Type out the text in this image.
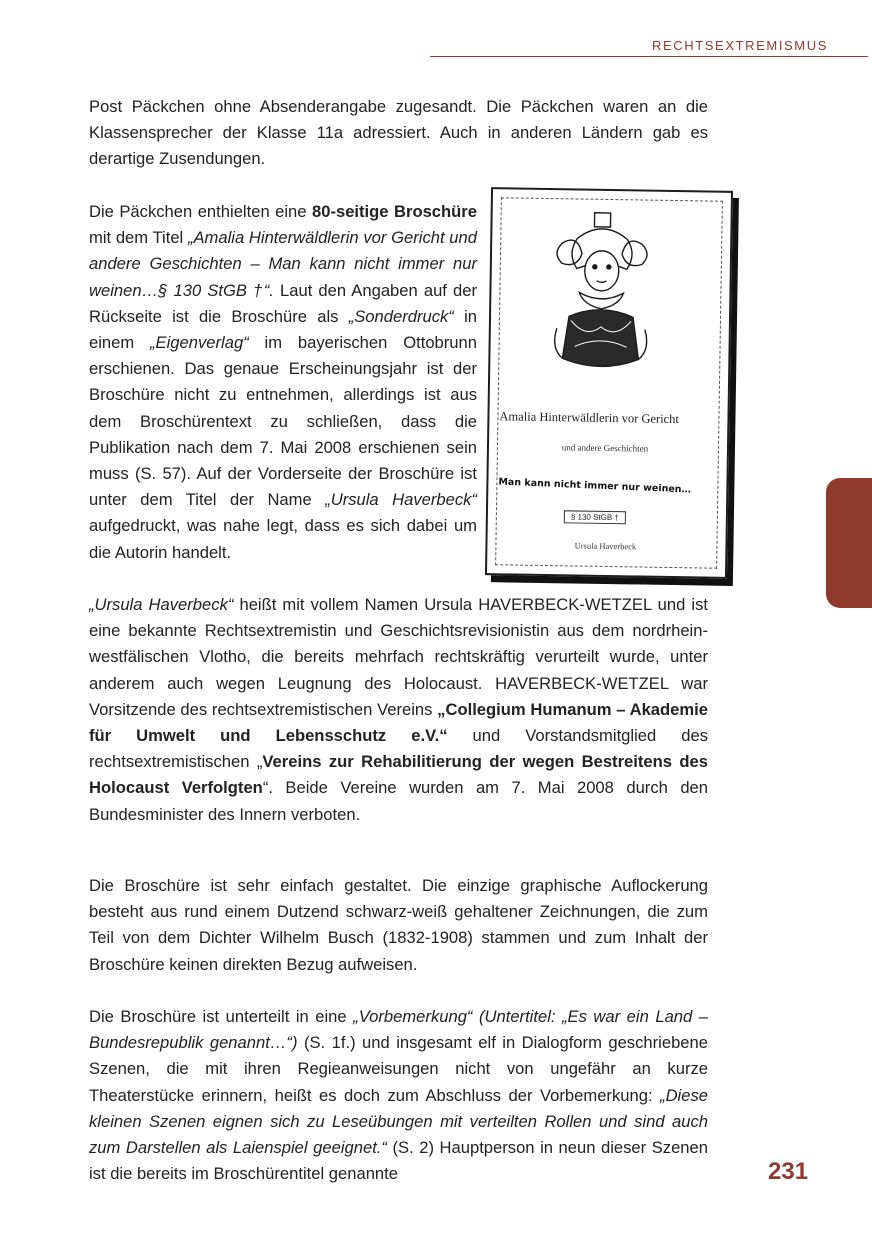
RECHTSEXTREMISMUS

Post Päckchen ohne Absenderangabe zugesandt. Die Päckchen waren an die Klassensprecher der Klasse 11a adressiert. Auch in anderen Ländern gab es derartige Zusendungen.

Die Päckchen enthielten eine 80-seitige Broschüre mit dem Titel „Amalia Hinterwäldlerin vor Gericht und andere Geschichten – Man kann nicht immer nur weinen…§ 130 StGB †“. Laut den Angaben auf der Rückseite ist die Broschüre als „Sonderdruck“ in einem „Eigenverlag“ im bayerischen Ottobrunn erschienen. Das genaue Erscheinungsjahr ist der Broschüre nicht zu entnehmen, allerdings ist aus dem Broschürentext zu schließen, dass die Publikation nach dem 7. Mai 2008 erschienen sein muss (S. 57). Auf der Vorderseite der Broschüre ist unter dem Titel der Name „Ursula Haverbeck“ aufgedruckt, was nahe legt, dass es sich dabei um die Autorin handelt.

„Ursula Haverbeck“ heißt mit vollem Namen Ursula HAVERBECK-WETZEL und ist eine bekannte Rechtsextremistin und Geschichtsrevisionistin aus dem nordrhein-westfälischen Vlotho, die bereits mehrfach rechtskräftig verurteilt wurde, unter anderem auch wegen Leugnung des Holocaust. HAVERBECK-WETZEL war Vorsitzende des rechtsextremistischen Vereins „Collegium Humanum – Akademie für Umwelt und Lebensschutz e.V.“ und Vorstandsmitglied des rechtsextremistischen „Vereins zur Rehabilitierung der wegen Bestreitens des Holocaust Verfolgten“. Beide Vereine wurden am 7. Mai 2008 durch den Bundesminister des Innern verboten.

Die Broschüre ist sehr einfach gestaltet. Die einzige graphische Auflockerung besteht aus rund einem Dutzend schwarz-weiß gehaltener Zeichnungen, die zum Teil von dem Dichter Wilhelm Busch (1832-1908) stammen und zum Inhalt der Broschüre keinen direkten Bezug aufweisen.

Die Broschüre ist unterteilt in eine „Vorbemerkung“ (Untertitel: „Es war ein Land – Bundesrepublik genannt…“) (S. 1f.) und insgesamt elf in Dialogform geschriebene Szenen, die mit ihren Regieanweisungen nicht von ungefähr an kurze Theaterstücke erinnern, heißt es doch zum Abschluss der Vorbemerkung: „Diese kleinen Szenen eignen sich zu Leseübungen mit verteilten Rollen und sind auch zum Darstellen als Laienspiel geeignet.“ (S. 2) Hauptperson in neun dieser Szenen ist die bereits im Broschürentitel genannte

Amalia Hinterwäldlerin vor Gericht
und andere Geschichten
Man kann nicht immer nur weinen…
§ 130 StGB †
Ursula Haverbeck
231
